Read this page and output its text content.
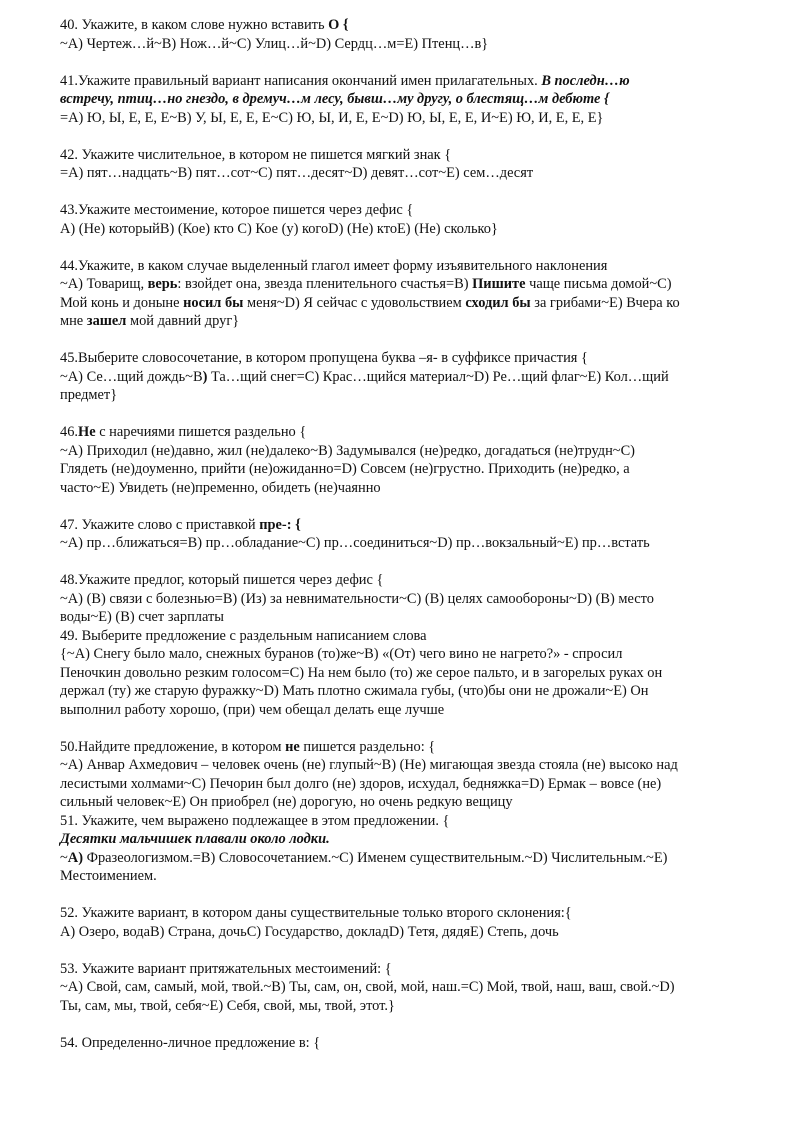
40. Укажите, в каком слове нужно вставить О {
~А) Чертеж…й~В) Нож…й~С) Улиц…й~D) Сердц…м=Е) Птенц…в}
41.Укажите правильный вариант написания окончаний имен прилагательных. В последн…ю
встречу, птиц…но гнездо, в дремуч…м лесу, бывш…му другу, о блестящ…м дебюте {
=А) Ю, Ы, Е, Е, Е~В) У, Ы, Е, Е, Е~С) Ю, Ы, И, Е, Е~D) Ю, Ы, Е, Е, И~Е) Ю, И, Е, Е, Е}
42. Укажите числительное, в котором не пишется мягкий знак {
=А) пят…надцать~В) пят…сот~С) пят…десят~D) девят…сот~Е) сем…десят
43.Укажите местоимение, которое пишется через дефис {
А) (Не) которыйВ) (Кое) кто С) Кое (у) когоD) (Не) ктоЕ) (Не) сколько}
44.Укажите, в каком случае выделенный глагол имеет форму изъявительного наклонения
~А) Товарищ, верь: взойдет она, звезда пленительного счастья=В) Пишите чаще письма домой~С)
Мой конь и доныне носил бы меня~D) Я сейчас с удовольствием сходил бы за грибами~Е) Вчера ко
мне зашел мой давний друг}
45.Выберите словосочетание, в котором пропущена буква –я- в суффиксе причастия {
~А) Се…щий дождь~В) Та…щий снег=С) Крас…щийся материал~D) Ре…щий флаг~Е) Кол…щий
предмет}
46.Не с наречиями пишется раздельно {
~А) Приходил (не)давно, жил (не)далеко~В) Задумывался (не)редко, догадаться (не)трудн~С)
Глядеть (не)доуменно, прийти (не)ожиданно=D) Совсем (не)грустно. Приходить (не)редко, а
часто~Е) Увидеть (не)пременно, обидеть (не)чаянно
47. Укажите слово с приставкой пре-: {
~А) пр…ближаться=В) пр…обладание~С) пр…соединиться~D) пр…вокзальный~Е) пр…встать
48.Укажите предлог, который пишется через дефис {
~А) (В) связи с болезнью=В) (Из) за невнимательности~С) (В) целях самообороны~D) (В) место
воды~Е) (В) счет зарплаты
49. Выберите предложение с раздельным написанием слова
{~А) Снегу было мало, снежных буранов (то)же~В) «(От) чего вино не нагрето?» - спросил
Пеночкин довольно резким голосом=С) На нем было (то) же серое пальто, и в загорелых руках он
держал (ту) же старую фуражку~D) Мать плотно сжимала губы, (что)бы они не дрожали~Е) Он
выполнил работу хорошо, (при) чем обещал делать еще лучше
50.Найдите предложение, в котором не пишется раздельно: {
~А) Анвар Ахмедович – человек очень (не) глупый~В) (Не) мигающая звезда стояла (не) высоко над
лесистыми холмами~С) Печорин был долго (не) здоров, исхудал, бедняжка=D) Ермак – вовсе (не)
сильный человек~Е) Он приобрел (не) дорогую, но очень редкую вещицу
51. Укажите, чем выражено подлежащее в этом предложении. {
Десятки мальчишек плавали около лодки.
~А) Фразеологизмом.=В) Словосочетанием.~С) Именем существительным.~D) Числительным.~Е)
Местоимением.
52. Укажите вариант, в котором даны существительные только второго склонения:{
А) Озеро, водаВ) Страна, дочьС) Государство, докладD) Тетя, дядяЕ) Степь, дочь
53. Укажите вариант притяжательных местоимений: {
~А) Свой, сам, самый, мой, твой.~В) Ты, сам, он, свой, мой, наш.=С) Мой, твой, наш, ваш, свой.~D)
Ты, сам, мы, твой, себя~Е) Себя, свой, мы, твой, этот.}
54. Определенно-личное предложение в: {
